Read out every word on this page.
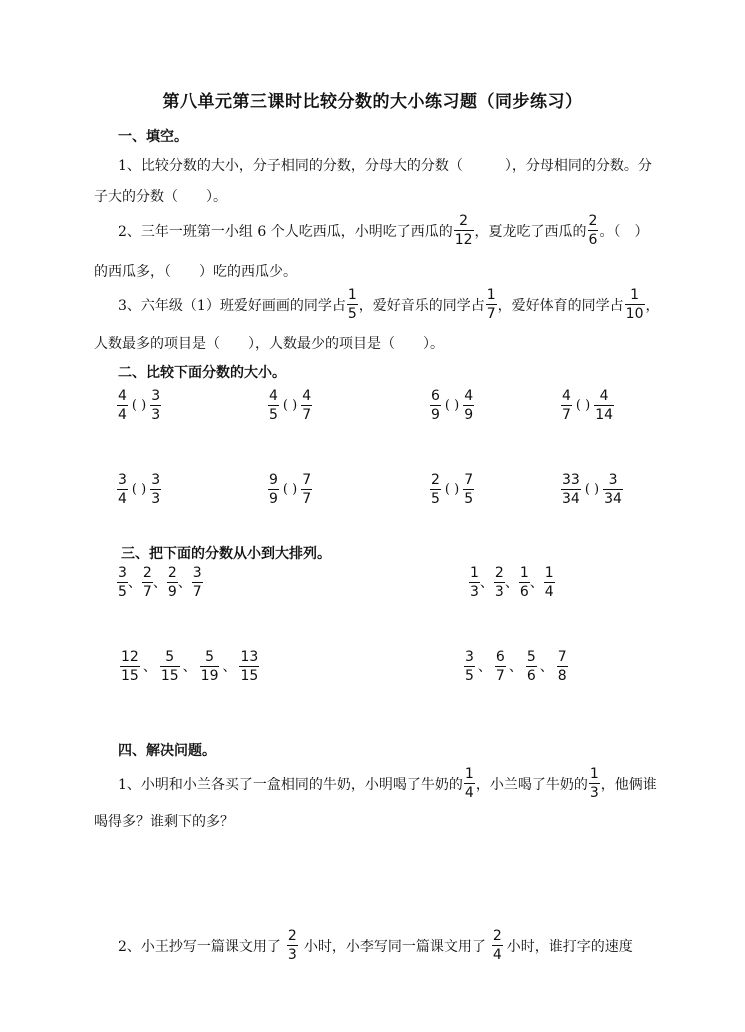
第八单元第三课时比较分数的大小练习题（同步练习）
一、填空。
1、比较分数的大小，分子相同的分数，分母大的分数（　　　），分母相同的分数。分
子大的分数（　　）。
2、三年一班第一小组 6 个人吃西瓜，小明吃了西瓜的 $\frac{2}{12}$ ，夏龙吃了西瓜的 $\frac{2}{6}$ 。（　）
的西瓜多，（　　）吃的西瓜少。
3、六年级（1）班爱好画画的同学占 $\frac{1}{5}$ ，爱好音乐的同学占 $\frac{1}{7}$ ，爱好体育的同学占 $\frac{1}{10}$ ，
人数最多的项目是（　　），人数最少的项目是（　　）。
二、比较下面分数的大小。
$\frac{4}{4}$ ( ) $\frac{3}{3}$	$\frac{4}{5}$ ( ) $\frac{4}{7}$	$\frac{6}{9}$ ( ) $\frac{4}{9}$	$\frac{4}{7}$ ( ) $\frac{4}{14}$
$\frac{3}{4}$ ( ) $\frac{3}{3}$	$\frac{9}{9}$ ( ) $\frac{7}{7}$	$\frac{2}{5}$ ( ) $\frac{7}{5}$	$\frac{33}{34}$ ( ) $\frac{3}{34}$
三、把下面的分数从小到大排列。
$\frac{3}{5}$ 、 $\frac{2}{7}$ 、 $\frac{2}{9}$ 、 $\frac{3}{7}$	$\frac{1}{3}$ 、 $\frac{2}{3}$ 、 $\frac{1}{6}$ 、 $\frac{1}{4}$
$\frac{12}{15}$ 、 $\frac{5}{15}$ 、 $\frac{5}{19}$ 、 $\frac{13}{15}$	$\frac{3}{5}$ 、 $\frac{6}{7}$ 、 $\frac{5}{6}$ 、 $\frac{7}{8}$
四、解决问题。
1、小明和小兰各买了一盒相同的牛奶，小明喝了牛奶的 $\frac{1}{4}$ ，小兰喝了牛奶的 $\frac{1}{3}$ ，他俩谁
喝得多？谁剩下的多？
2、小王抄写一篇课文用了 $\frac{2}{3}$ 小时，小李写同一篇课文用了 $\frac{2}{4}$ 小时，谁打字的速度
